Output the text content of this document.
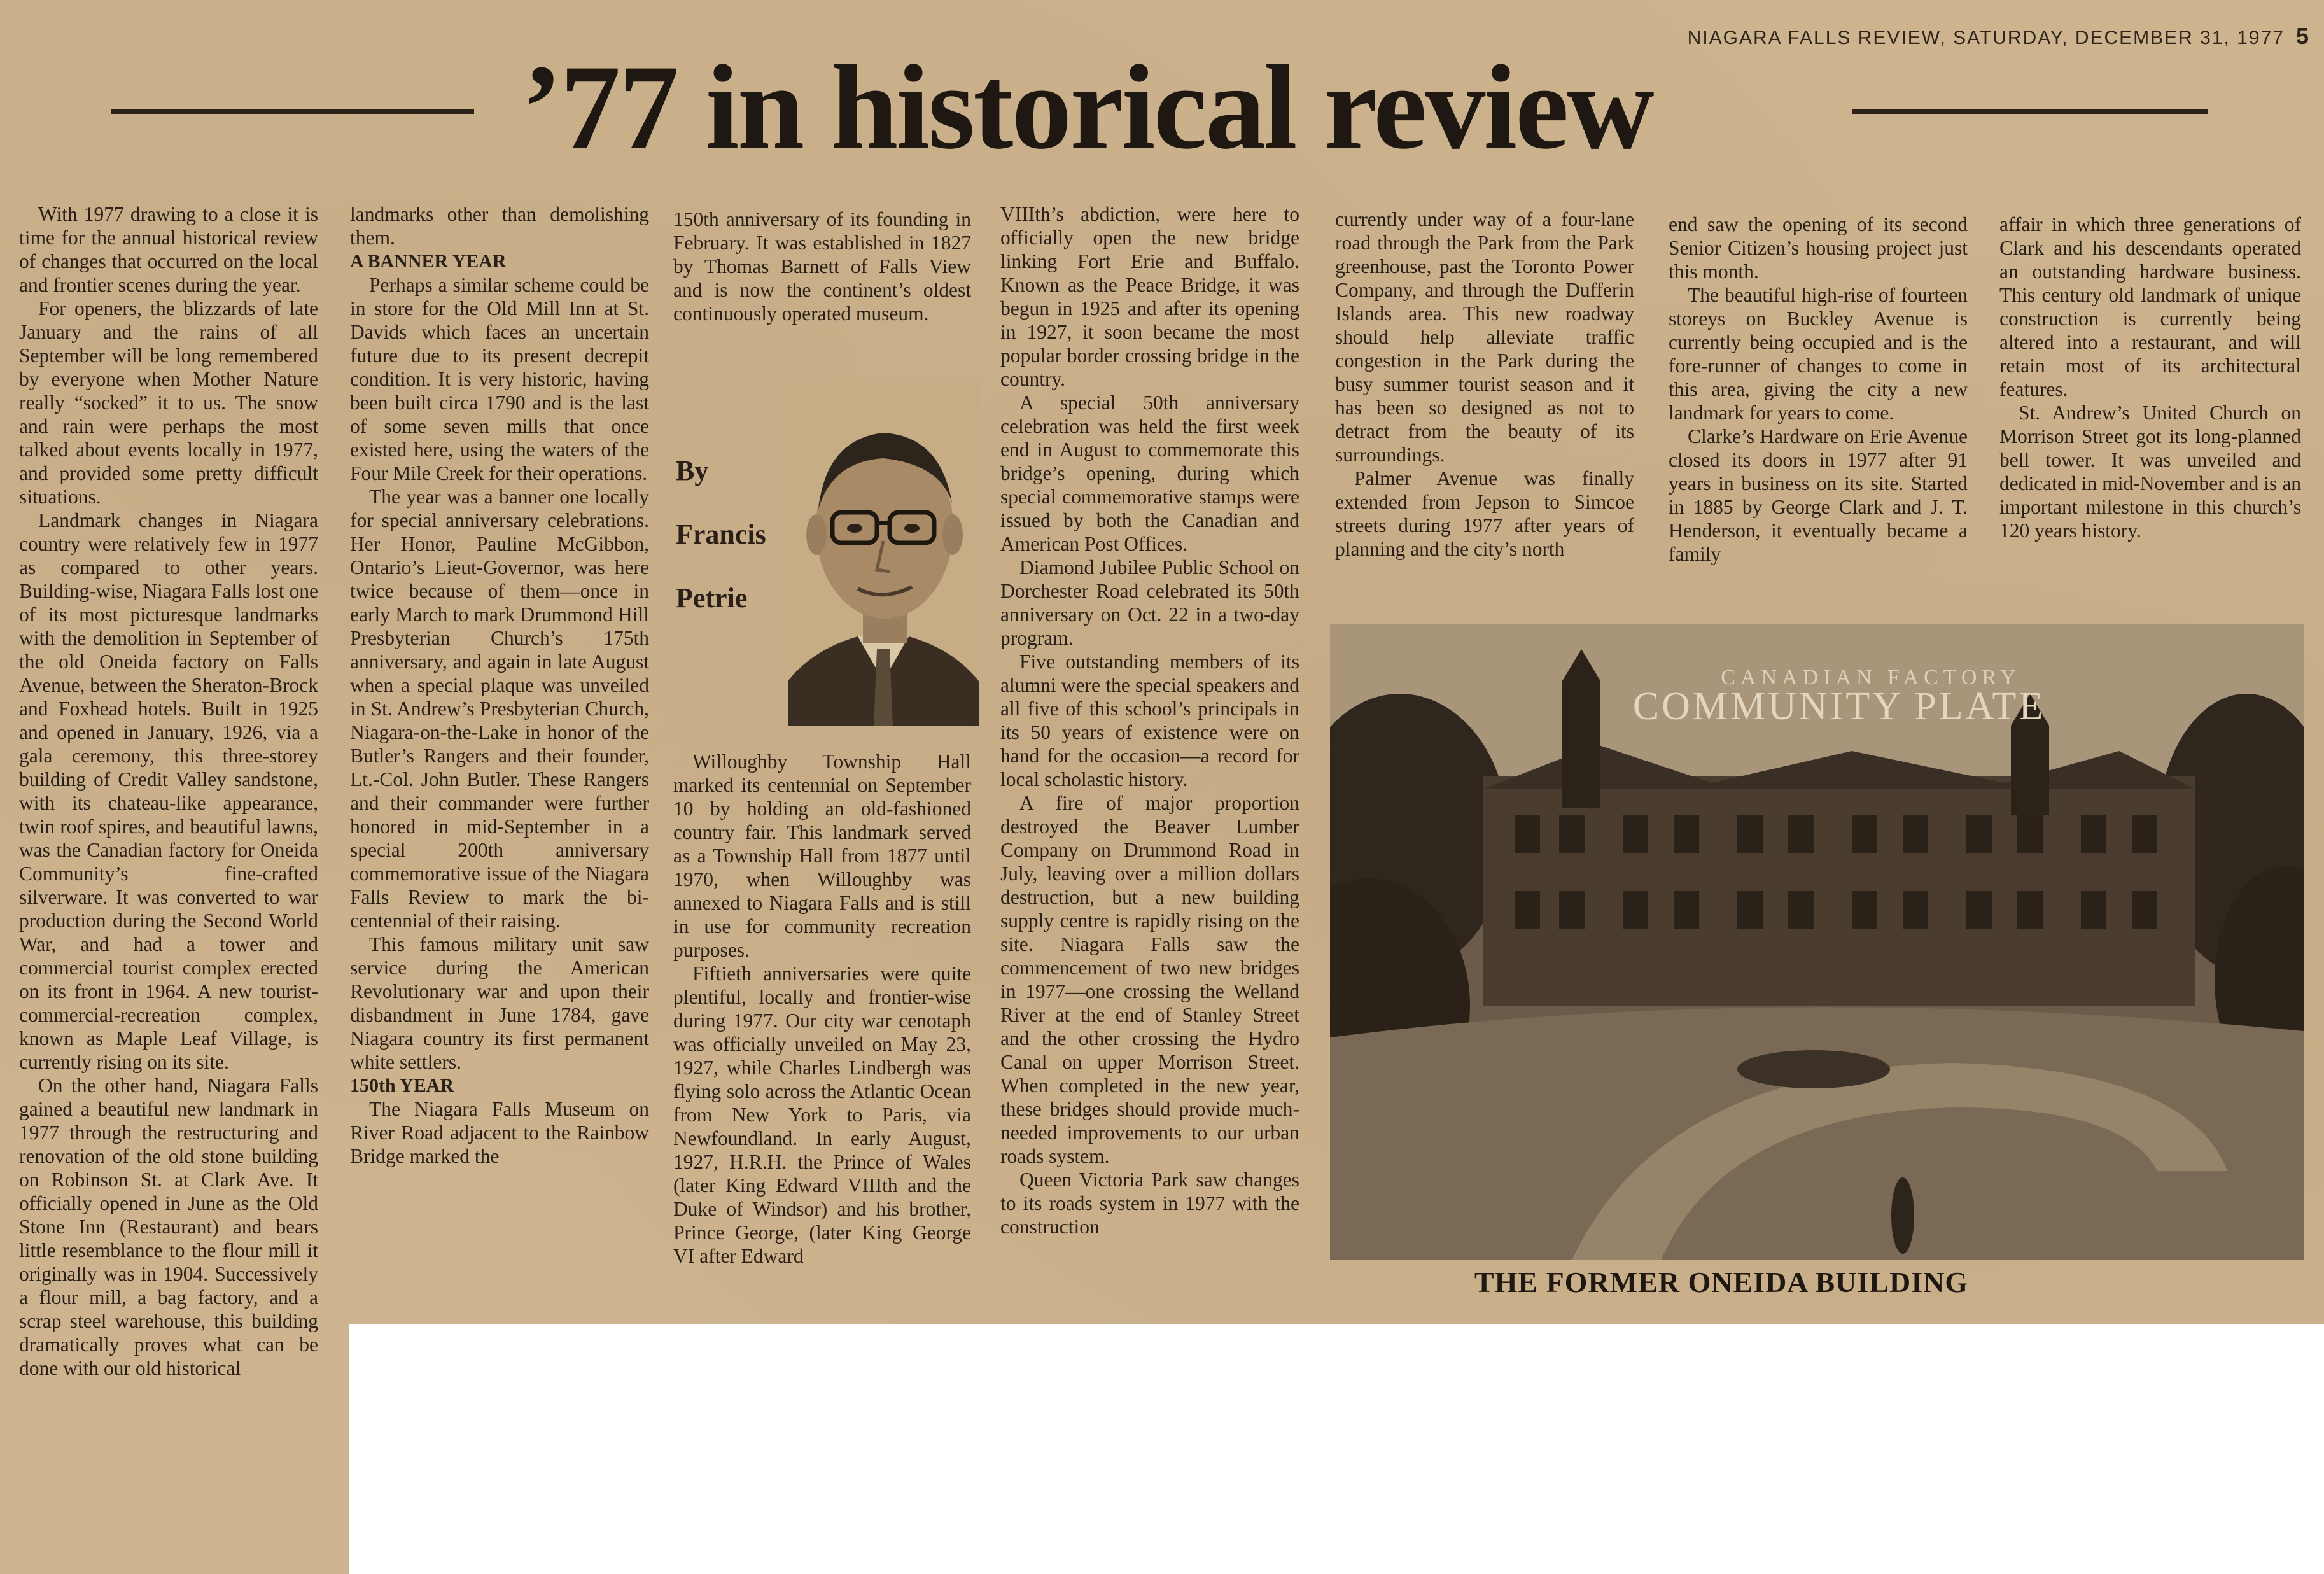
NIAGARA FALLS REVIEW, SATURDAY, DECEMBER 31, 1977 5
’77 in historical review

With 1977 drawing to a close it is time for the annual historical review of changes that occurred on the local and frontier scenes during the year.

For openers, the blizzards of late January and the rains of all September will be long remembered by everyone when Mother Nature really “socked” it to us. The snow and rain were perhaps the most talked about events locally in 1977, and provided some pretty difficult situations.

Landmark changes in Niagara country were relatively few in 1977 as compared to other years. Building-wise, Niagara Falls lost one of its most picturesque landmarks with the demolition in September of the old Oneida factory on Falls Avenue, between the Sheraton-Brock and Foxhead hotels. Built in 1925 and opened in January, 1926, via a gala ceremony, this three-storey building of Credit Valley sandstone, with its chateau-like appearance, twin roof spires, and beautiful lawns, was the Canadian factory for Oneida Community’s fine-crafted silverware. It was converted to war production during the Second World War, and had a tower and commercial tourist complex erected on its front in 1964. A new tourist-commercial-recreation complex, known as Maple Leaf Village, is currently rising on its site.

On the other hand, Niagara Falls gained a beautiful new landmark in 1977 through the restructuring and renovation of the old stone building on Robinson St. at Clark Ave. It officially opened in June as the Old Stone Inn (Restaurant) and bears little resemblance to the flour mill it originally was in 1904. Successively a flour mill, a bag factory, and a scrap steel warehouse, this building dramatically proves what can be done with our old historical

landmarks other than demolishing them.

A BANNER YEAR

Perhaps a similar scheme could be in store for the Old Mill Inn at St. Davids which faces an uncertain future due to its present decrepit condition. It is very historic, having been built circa 1790 and is the last of some seven mills that once existed here, using the waters of the Four Mile Creek for their operations.

The year was a banner one locally for special anniversary celebrations. Her Honor, Pauline McGibbon, Ontario’s Lieut-Governor, was here twice because of them—once in early March to mark Drummond Hill Presbyterian Church’s 175th anniversary, and again in late August when a special plaque was unveiled in St. Andrew’s Presbyterian Church, Niagara-on-the-Lake in honor of the Butler’s Rangers and their founder, Lt.-Col. John Butler. These Rangers and their commander were further honored in mid-September in a special 200th anniversary commemorative issue of the Niagara Falls Review to mark the bi-centennial of their raising.

This famous military unit saw service during the American Revolutionary war and upon their disbandment in June 1784, gave Niagara country its first permanent white settlers.

150th YEAR

The Niagara Falls Museum on River Road adjacent to the Rainbow Bridge marked the

150th anniversary of its founding in February. It was established in 1827 by Thomas Barnett of Falls View and is now the continent’s oldest continuously operated museum.

By
Francis
Petrie

Willoughby Township Hall marked its centennial on September 10 by holding an old-fashioned country fair. This landmark served as a Township Hall from 1877 until 1970, when Willoughby was annexed to Niagara Falls and is still in use for community recreation purposes.

Fiftieth anniversaries were quite plentiful, locally and frontier-wise during 1977. Our city war cenotaph was officially unveiled on May 23, 1927, while Charles Lindbergh was flying solo across the Atlantic Ocean from New York to Paris, via Newfoundland. In early August, 1927, H.R.H. the Prince of Wales (later King Edward VIIIth and the Duke of Windsor) and his brother, Prince George, (later King George VI after Edward

VIIIth’s abdiction, were here to officially open the new bridge linking Fort Erie and Buffalo. Known as the Peace Bridge, it was begun in 1925 and after its opening in 1927, it soon became the most popular border crossing bridge in the country.

A special 50th anniversary celebration was held the first week end in August to commemorate this bridge’s opening, during which special commemorative stamps were issued by both the Canadian and American Post Offices.

Diamond Jubilee Public School on Dorchester Road celebrated its 50th anniversary on Oct. 22 in a two-day program.

Five outstanding members of its alumni were the special speakers and all five of this school’s principals in its 50 years of existence were on hand for the occasion—a record for local scholastic history.

A fire of major proportion destroyed the Beaver Lumber Company on Drummond Road in July, leaving over a million dollars destruction, but a new building supply centre is rapidly rising on the site. Niagara Falls saw the commencement of two new bridges in 1977—one crossing the Welland River at the end of Stanley Street and the other crossing the Hydro Canal on upper Morrison Street. When completed in the new year, these bridges should provide much-needed improvements to our urban roads system.

Queen Victoria Park saw changes to its roads system in 1977 with the construction

currently under way of a four-lane road through the Park from the Park greenhouse, past the Toronto Power Company, and through the Dufferin Islands area. This new roadway should help alleviate traffic congestion in the Park during the busy summer tourist season and it has been so designed as not to detract from the beauty of its surroundings.

Palmer Avenue was finally extended from Jepson to Simcoe streets during 1977 after years of planning and the city’s north

end saw the opening of its second Senior Citizen’s housing project just this month.

The beautiful high-rise of fourteen storeys on Buckley Avenue is currently being occupied and is the fore-runner of changes to come in this area, giving the city a new landmark for years to come.

Clarke’s Hardware on Erie Avenue closed its doors in 1977 after 91 years in business on its site. Started in 1885 by George Clark and J. T. Henderson, it eventually became a family

affair in which three generations of Clark and his descendants operated an outstanding hardware business. This century old landmark of unique construction is currently being altered into a restaurant, and will retain most of its architectural features.

St. Andrew’s United Church on Morrison Street got its long-planned bell tower. It was unveiled and dedicated in mid-November and is an important milestone in this church’s 120 years history.

CANADIAN FACTORY
COMMUNITY PLATE
THE FORMER ONEIDA BUILDING
